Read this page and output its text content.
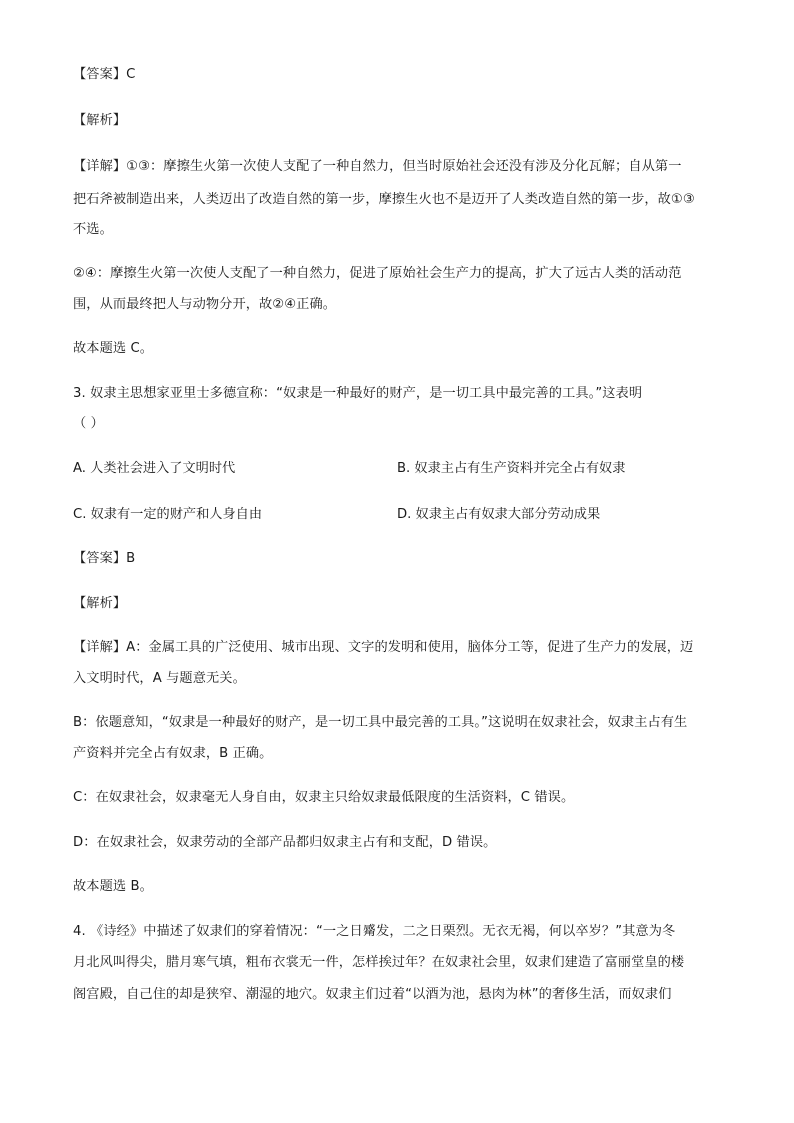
【答案】C
【解析】
【详解】①③：摩擦生火第一次使人支配了一种自然力，但当时原始社会还没有涉及分化瓦解；自从第一
把石斧被制造出来，人类迈出了改造自然的第一步，摩擦生火也不是迈开了人类改造自然的第一步，故①③
不选。
②④：摩擦生火第一次使人支配了一种自然力，促进了原始社会生产力的提高，扩大了远古人类的活动范
围，从而最终把人与动物分开，故②④正确。
故本题选 C。
3. 奴隶主思想家亚里士多德宣称：“奴隶是一种最好的财产，是一切工具中最完善的工具。”这表明
（ ）
A. 人类社会进入了文明时代	B. 奴隶主占有生产资料并完全占有奴隶
C. 奴隶有一定的财产和人身自由	D. 奴隶主占有奴隶大部分劳动成果
【答案】B
【解析】
【详解】A：金属工具的广泛使用、城市出现、文字的发明和使用，脑体分工等，促进了生产力的发展，迈
入文明时代，A 与题意无关。
B：依题意知，“奴隶是一种最好的财产，是一切工具中最完善的工具。”这说明在奴隶社会，奴隶主占有生
产资料并完全占有奴隶，B 正确。
C：在奴隶社会，奴隶毫无人身自由，奴隶主只给奴隶最低限度的生活资料，C 错误。
D：在奴隶社会，奴隶劳动的全部产品都归奴隶主占有和支配，D 错误。
故本题选 B。
4. 《诗经》中描述了奴隶们的穿着情况：“一之日觱发，二之日栗烈。无衣无褐，何以卒岁？”其意为冬
月北风叫得尖，腊月寒气填，粗布衣裳无一件，怎样挨过年？在奴隶社会里，奴隶们建造了富丽堂皇的楼
阁宫殿，自己住的却是狭窄、潮湿的地穴。奴隶主们过着“以酒为池，悬肉为林”的奢侈生活，而奴隶们
